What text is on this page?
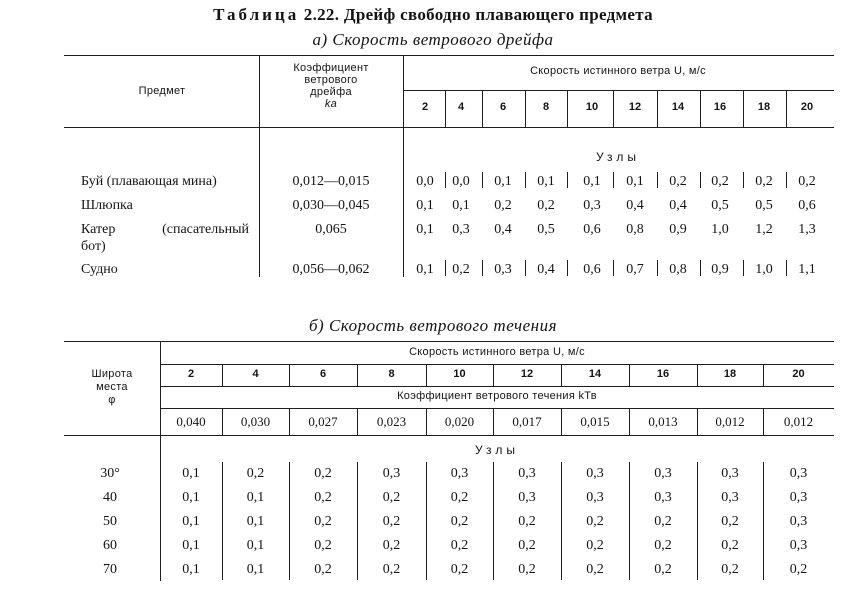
Таблица 2.22. Дрейф свободно плавающего предмета
а) Скорость ветрового дрейфа
Предмет
Коэффициент
ветрового
дрейфа
kа
Скорость истинного ветра U, м/с
2	4	6	8	10	12	14	16	18	20
Узлы
Буй (плавающая мина)	0,012—0,015	0,0 0,0 0,1 0,1 0,1 0,1 0,2 0,2 0,2 0,2
Шлюпка	0,030—0,045	0,1 0,1 0,2 0,2 0,3 0,4 0,4 0,5 0,5 0,6
Катер (спасательный
бот)
0,065	0,1 0,3 0,4 0,5 0,6 0,8 0,9 1,0 1,2 1,3
Судно	0,056—0,062	0,1 0,2 0,3 0,4 0,6 0,7 0,8 0,9 1,0 1,1
б) Скорость ветрового течения
Широта
места
φ
Скорость истинного ветра U, м/с
Коэффициент ветрового течения kТв
2	4	6	8	10	12	14	16	18	20
0,040	0,030	0,027	0,023	0,020	0,017	0,015	0,013	0,012	0,012
Узлы
30°	0,1	0,2	0,2	0,3	0,3	0,3	0,3	0,3	0,3	0,3
40	0,1	0,1	0,2	0,2	0,2	0,3	0,3	0,3	0,3	0,3
50	0,1	0,1	0,2	0,2	0,2	0,2	0,2	0,2	0,2	0,3
60	0,1	0,1	0,2	0,2	0,2	0,2	0,2	0,2	0,2	0,3
70	0,1	0,1	0,2	0,2	0,2	0,2	0,2	0,2	0,2	0,2
